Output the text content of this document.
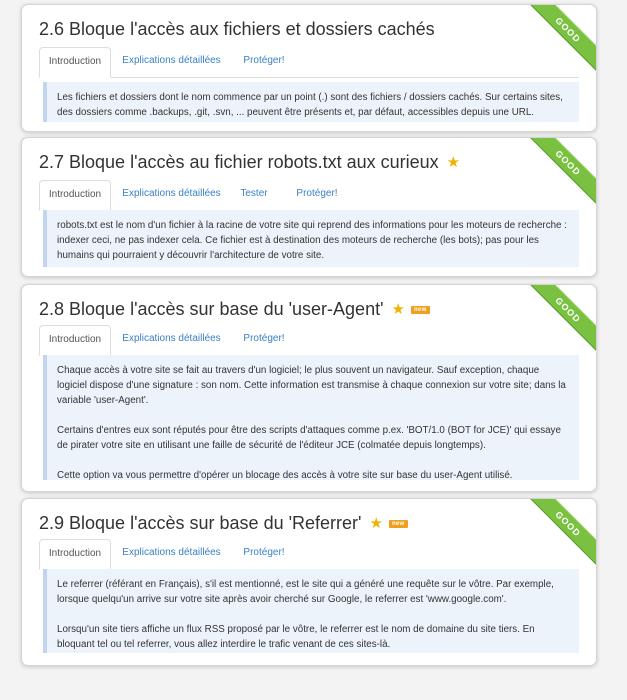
2.6 Bloque l'accès aux fichiers et dossiers cachés	GOOD
Introduction	Explications détaillées	Protéger!

Les fichiers et dossiers dont le nom commence par un point (.) sont des fichiers / dossiers cachés. Sur certains sites, des dossiers comme .backups, .git, .svn, ... peuvent être présents et, par défaut, accessibles depuis une URL.

2.7 Bloque l'accès au fichier robots.txt aux curieux ★	GOOD
Introduction	Explications détaillées	Tester	Protéger!

robots.txt est le nom d'un fichier à la racine de votre site qui reprend des informations pour les moteurs de recherche : indexer ceci, ne pas indexer cela. Ce fichier est à destination des moteurs de recherche (les bots); pas pour les humains qui pourraient y découvrir l'architecture de votre site.

2.8 Bloque l'accès sur base du 'user-Agent' ★	new	GOOD
Introduction	Explications détaillées	Protéger!

Chaque accès à votre site se fait au travers d'un logiciel; le plus souvent un navigateur. Sauf exception, chaque logiciel dispose d'une signature : son nom. Cette information est transmise à chaque connexion sur votre site; dans la variable 'user-Agent'.

Certains d'entres eux sont réputés pour être des scripts d'attaques comme p.ex. 'BOT/1.0 (BOT for JCE)' qui essaye de pirater votre site en utilisant une faille de sécurité de l'éditeur JCE (colmatée depuis longtemps).

Cette option va vous permettre d'opérer un blocage des accès à votre site sur base du user-Agent utilisé.

2.9 Bloque l'accès sur base du 'Referrer' ★	new	GOOD
Introduction	Explications détaillées	Protéger!

Le referrer (référant en Français), s'il est mentionné, est le site qui a généré une requête sur le vôtre. Par exemple, lorsque quelqu'un arrive sur votre site après avoir cherché sur Google, le referrer est 'www.google.com'.

Lorsqu'un site tiers affiche un flux RSS proposé par le vôtre, le referrer est le nom de domaine du site tiers. En bloquant tel ou tel referrer, vous allez interdire le trafic venant de ces sites-là.
